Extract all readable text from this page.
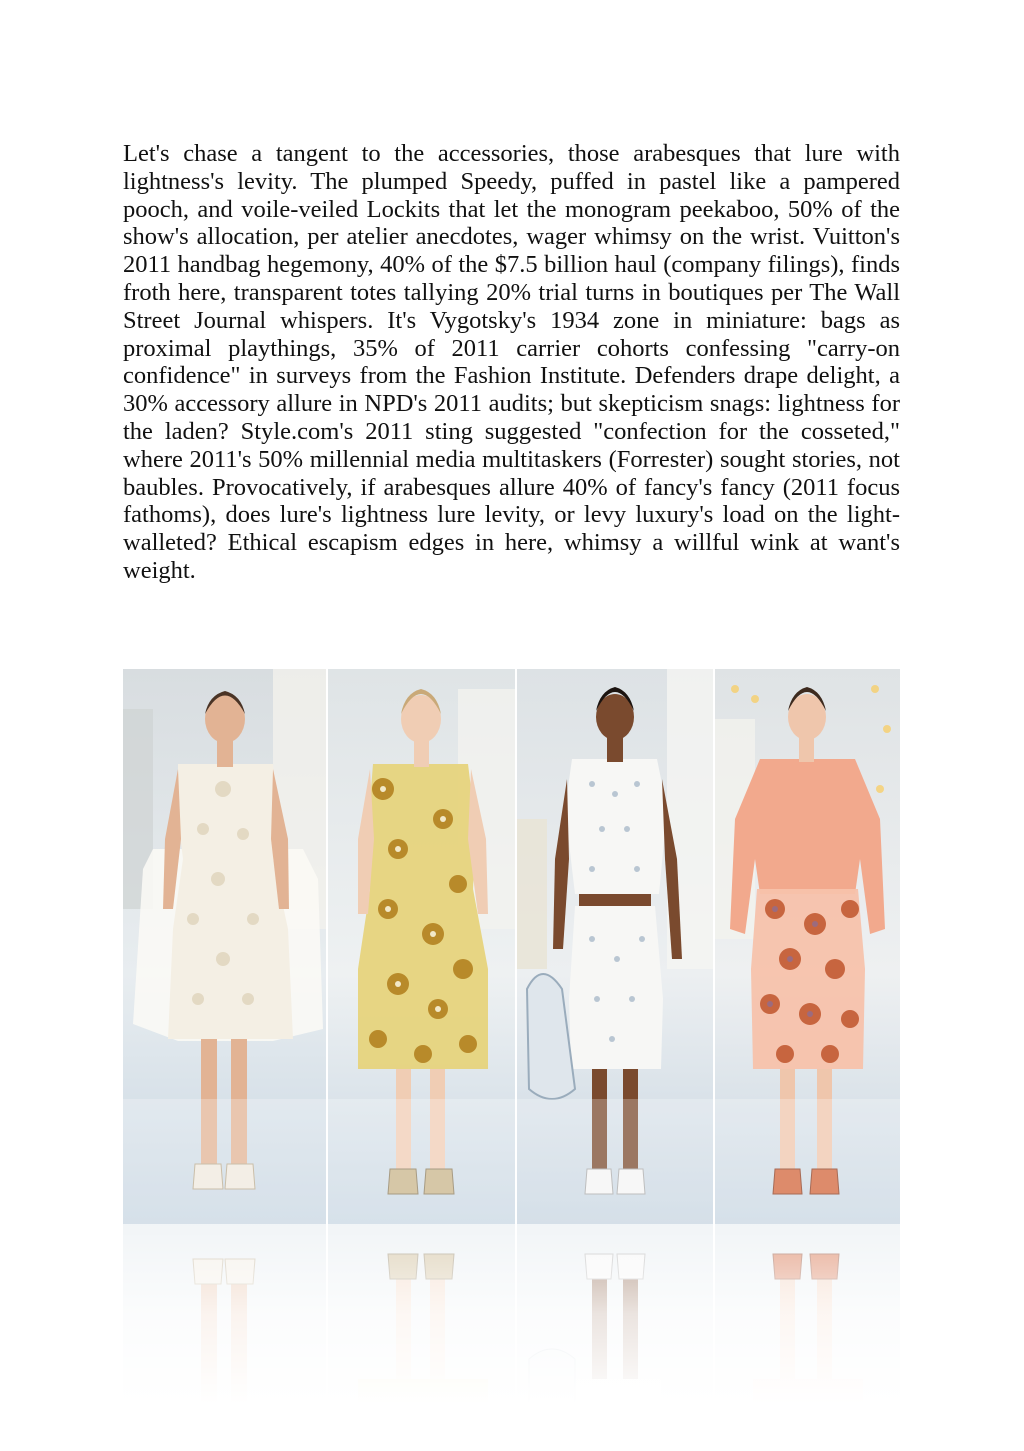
Let's chase a tangent to the accessories, those arabesques that lure with lightness's levity. The plumped Speedy, puffed in pastel like a pampered pooch, and voile-veiled Lockits that let the monogram peekaboo, 50% of the show's allocation, per atelier anecdotes, wager whimsy on the wrist. Vuitton's 2011 handbag hegemony, 40% of the $7.5 billion haul (company filings), finds froth here, transparent totes tallying 20% trial turns in boutiques per The Wall Street Journal whispers. It's Vygotsky's 1934 zone in miniature: bags as proximal playthings, 35% of 2011 carrier cohorts confessing "carry-on confidence" in surveys from the Fashion Institute. Defenders drape delight, a 30% accessory allure in NPD's 2011 audits; but skepticism snags: lightness for the laden? Style.com's 2011 sting suggested "confection for the cosseted," where 2011's 50% millennial media multitaskers (Forrester) sought stories, not baubles. Provocatively, if arabesques allure 40% of fancy's fancy (2011 focus fathoms), does lure's lightness lure levity, or levy luxury's load on the light-walleted? Ethical escapism edges in here, whimsy a willful wink at want's weight.
